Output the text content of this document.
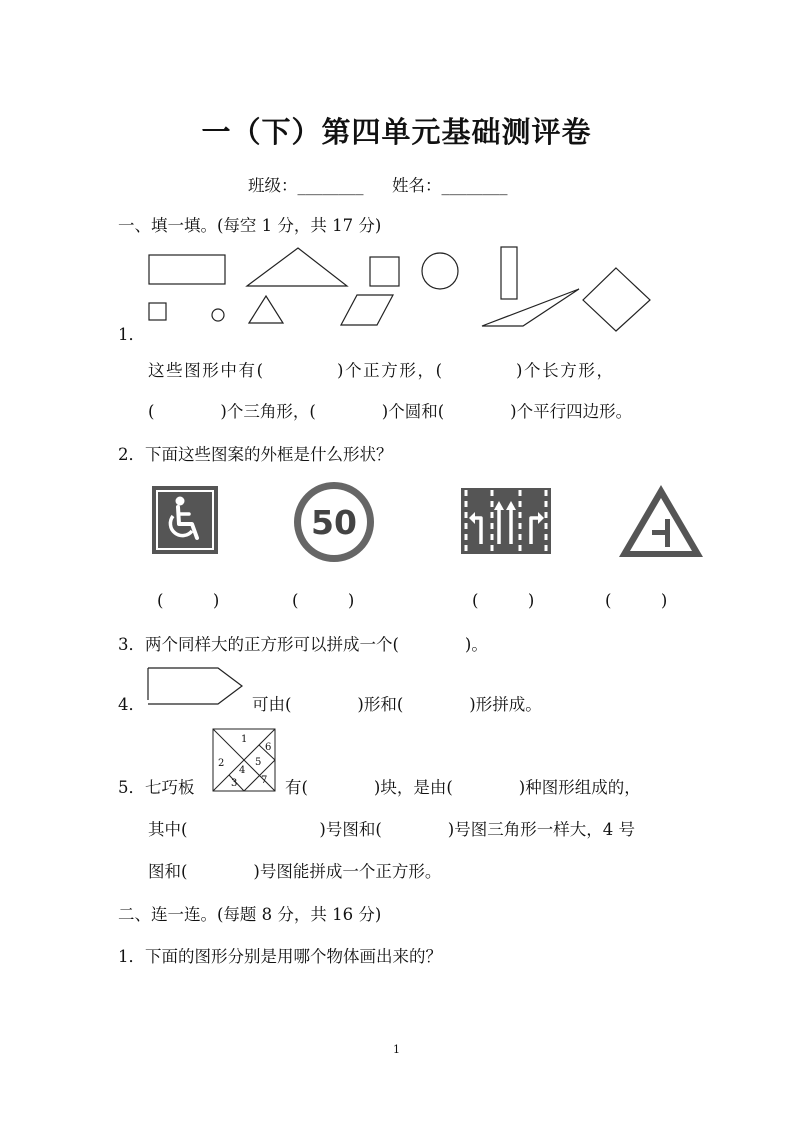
一（下）第四单元基础测评卷
班级：________ 姓名：________
一、填一填。(每空 1 分，共 17 分)
1．
这些图形中有(　　　　)个正方形，(　　　　)个长方形，
(　　　　)个三角形，(　　　　)个圆和(　　　　)个平行四边形。
2．下面这些图案的外框是什么形状？
50
(　　　)	(　　　)	(　　　)	(　　　)
3．两个同样大的正方形可以拼成一个(　　　　)。
4．	可由(　　　　)形和(　　　　)形拼成。
5．七巧板
1
2
3
4
5
6
7 有(　　　　)块，是由(　　　　)种图形组成的，
其中(　　　　　　　　)号图和(　　　　)号图三角形一样大，4 号
图和(　　　　)号图能拼成一个正方形。
二、连一连。(每题 8 分，共 16 分)
1．下面的图形分别是用哪个物体画出来的？
1
